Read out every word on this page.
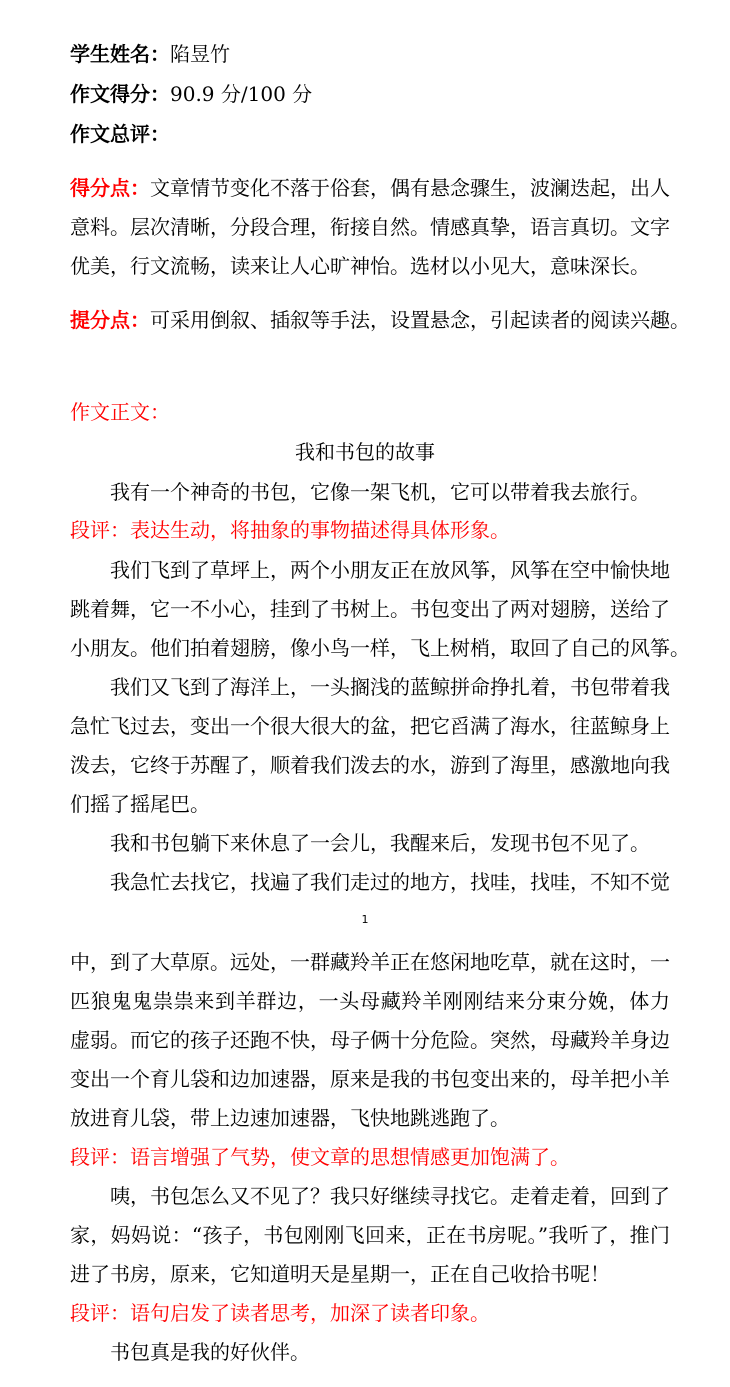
学生姓名：陷昱竹
作文得分：90.9 分/100 分
作文总评：
得分点：文章情节变化不落于俗套，偶有悬念骤生，波澜迭起，出人
意料。层次清晰，分段合理，衔接自然。情感真挚，语言真切。文字
优美，行文流畅，读来让人心旷神怡。选材以小见大，意味深长。
提分点：可采用倒叙、插叙等手法，设置悬念，引起读者的阅读兴趣。
作文正文：
我和书包的故事
我有一个神奇的书包，它像一架飞机，它可以带着我去旅行。
段评：表达生动，将抽象的事物描述得具体形象。
我们飞到了草坪上，两个小朋友正在放风筝，风筝在空中愉快地
跳着舞，它一不小心，挂到了书树上。书包变出了两对翅膀，送给了
小朋友。他们拍着翅膀，像小鸟一样，飞上树梢，取回了自己的风筝。
我们又飞到了海洋上，一头搁浅的蓝鲸拼命挣扎着，书包带着我
急忙飞过去，变出一个很大很大的盆，把它舀满了海水，往蓝鲸身上
泼去，它终于苏醒了，顺着我们泼去的水，游到了海里，感激地向我
们摇了摇尾巴。
我和书包躺下来休息了一会儿，我醒来后，发现书包不见了。
我急忙去找它，找遍了我们走过的地方，找哇，找哇，不知不觉
1
中，到了大草原。远处，一群藏羚羊正在悠闲地吃草，就在这时，一
匹狼鬼鬼祟祟来到羊群边，一头母藏羚羊刚刚结来分束分娩，体力
虚弱。而它的孩子还跑不快，母子俩十分危险。突然，母藏羚羊身边
变出一个育儿袋和边加速器，原来是我的书包变出来的，母羊把小羊
放进育儿袋，带上边速加速器，飞快地跳逃跑了。
段评：语言增强了气势，使文章的思想情感更加饱满了。
咦，书包怎么又不见了？我只好继续寻找它。走着走着，回到了
家，妈妈说：“孩子，书包刚刚飞回来，正在书房呢。”我听了，推门
进了书房，原来，它知道明天是星期一，正在自己收拾书呢！
段评：语句启发了读者思考，加深了读者印象。
书包真是我的好伙伴。
